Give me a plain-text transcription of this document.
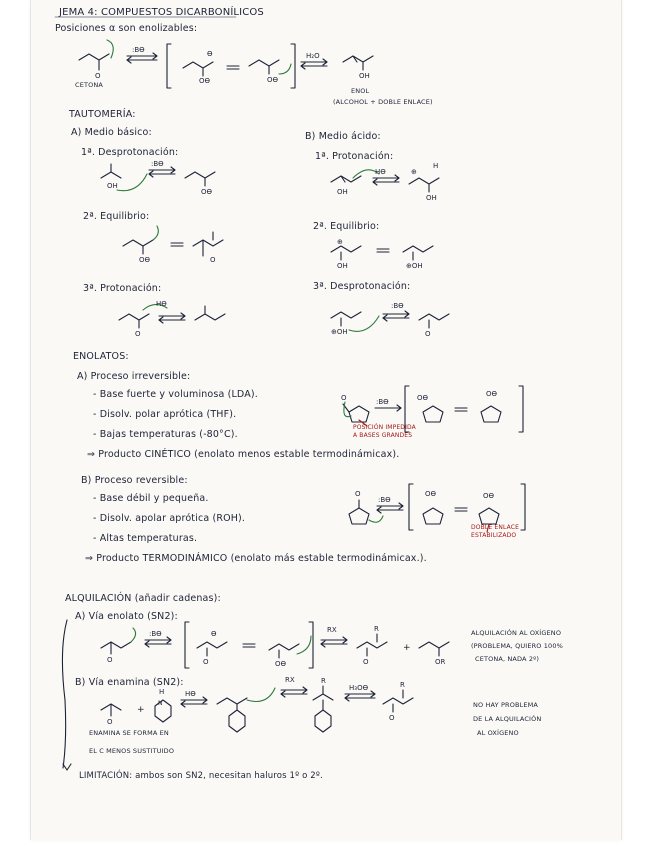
O
:Bϴ
Oϴ
ϴ
Oϴ
H₂O
OH
OH
:Bϴ
Oϴ
Oϴ	O
O
Hϴ
OH
Hϴ
OH
H
⊕
OH
⊕
⊕OH
⊕OH
:Bϴ
O
O	:Bϴ	Oϴ	Oϴ
O
:Bϴ
Oϴ	Oϴ
O
:Bϴ
O
ϴ
Oϴ
RX	R
O
+
OR
O
+
H
N
Hϴ
RX	R
H₃Oϴ	R
O
JEMA 4: COMPUESTOS DICARBONÍLICOS
Posiciones α son enolizables:
CETONA
ENOL
(ALCOHOL + DOBLE ENLACE)
TAUTOMERÍA:
A) Medio básico:
1ª. Desprotonación:
2ª. Equilibrio:
3ª. Protonación:
B) Medio ácido:
1ª. Protonación:
2ª. Equilibrio:
3ª. Desprotonación:
ENOLATOS:
A) Proceso irreversible:
- Base fuerte y voluminosa (LDA).
- Disolv. polar aprótica (THF).
- Bajas temperaturas (-80°C).
⇒ Producto CINÉTICO (enolato menos estable termodinámicax).
POSICIÓN IMPEDIDA
A BASES GRANDES
B) Proceso reversible:
- Base débil y pequeña.
- Disolv. apolar aprótica (ROH).
- Altas temperaturas.
⇒ Producto TERMODINÁMICO (enolato más estable termodinámicax.).
DOBLE ENLACE
ESTABILIZADO
ALQUILACIÓN (añadir cadenas):
A) Vía enolato (SN2):
ALQUILACIÓN AL OXÍGENO
(PROBLEMA, QUIERO 100%
CETONA, NADA 2º)
B) Vía enamina (SN2):
ENAMINA SE FORMA EN
EL C MENOS SUSTITUIDO
NO HAY PROBLEMA
DE LA ALQUILACIÓN
AL OXÍGENO
LIMITACIÓN: ambos son SN2, necesitan haluros 1º o 2º.
